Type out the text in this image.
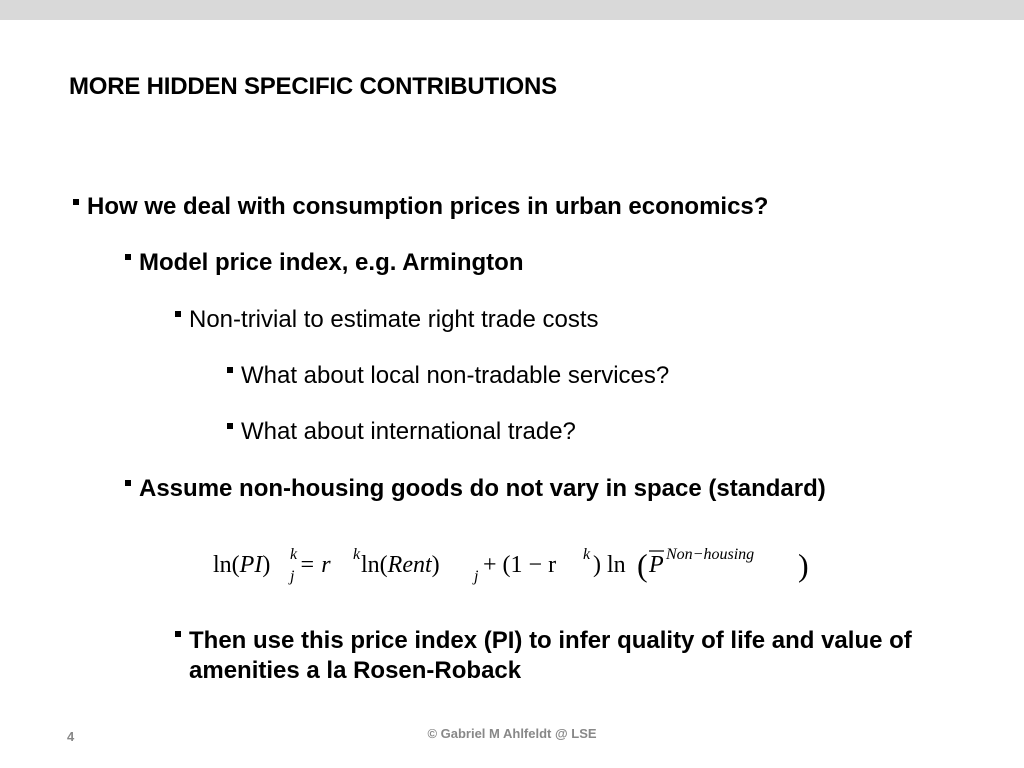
MORE HIDDEN SPECIFIC CONTRIBUTIONS
How we deal with consumption prices in urban economics?
Model price index, e.g. Armington
Non-trivial to estimate right trade costs
What about local non-tradable services?
What about international trade?
Assume non-housing goods do not vary in space (standard)
ln(PI) k
j = r k ln(Rent) j + (1 − r k ) ln ( P Non−housing )
Then use this price index (PI) to infer quality of life and value of amenities a la Rosen-Roback
4	© Gabriel M Ahlfeldt @ LSE
